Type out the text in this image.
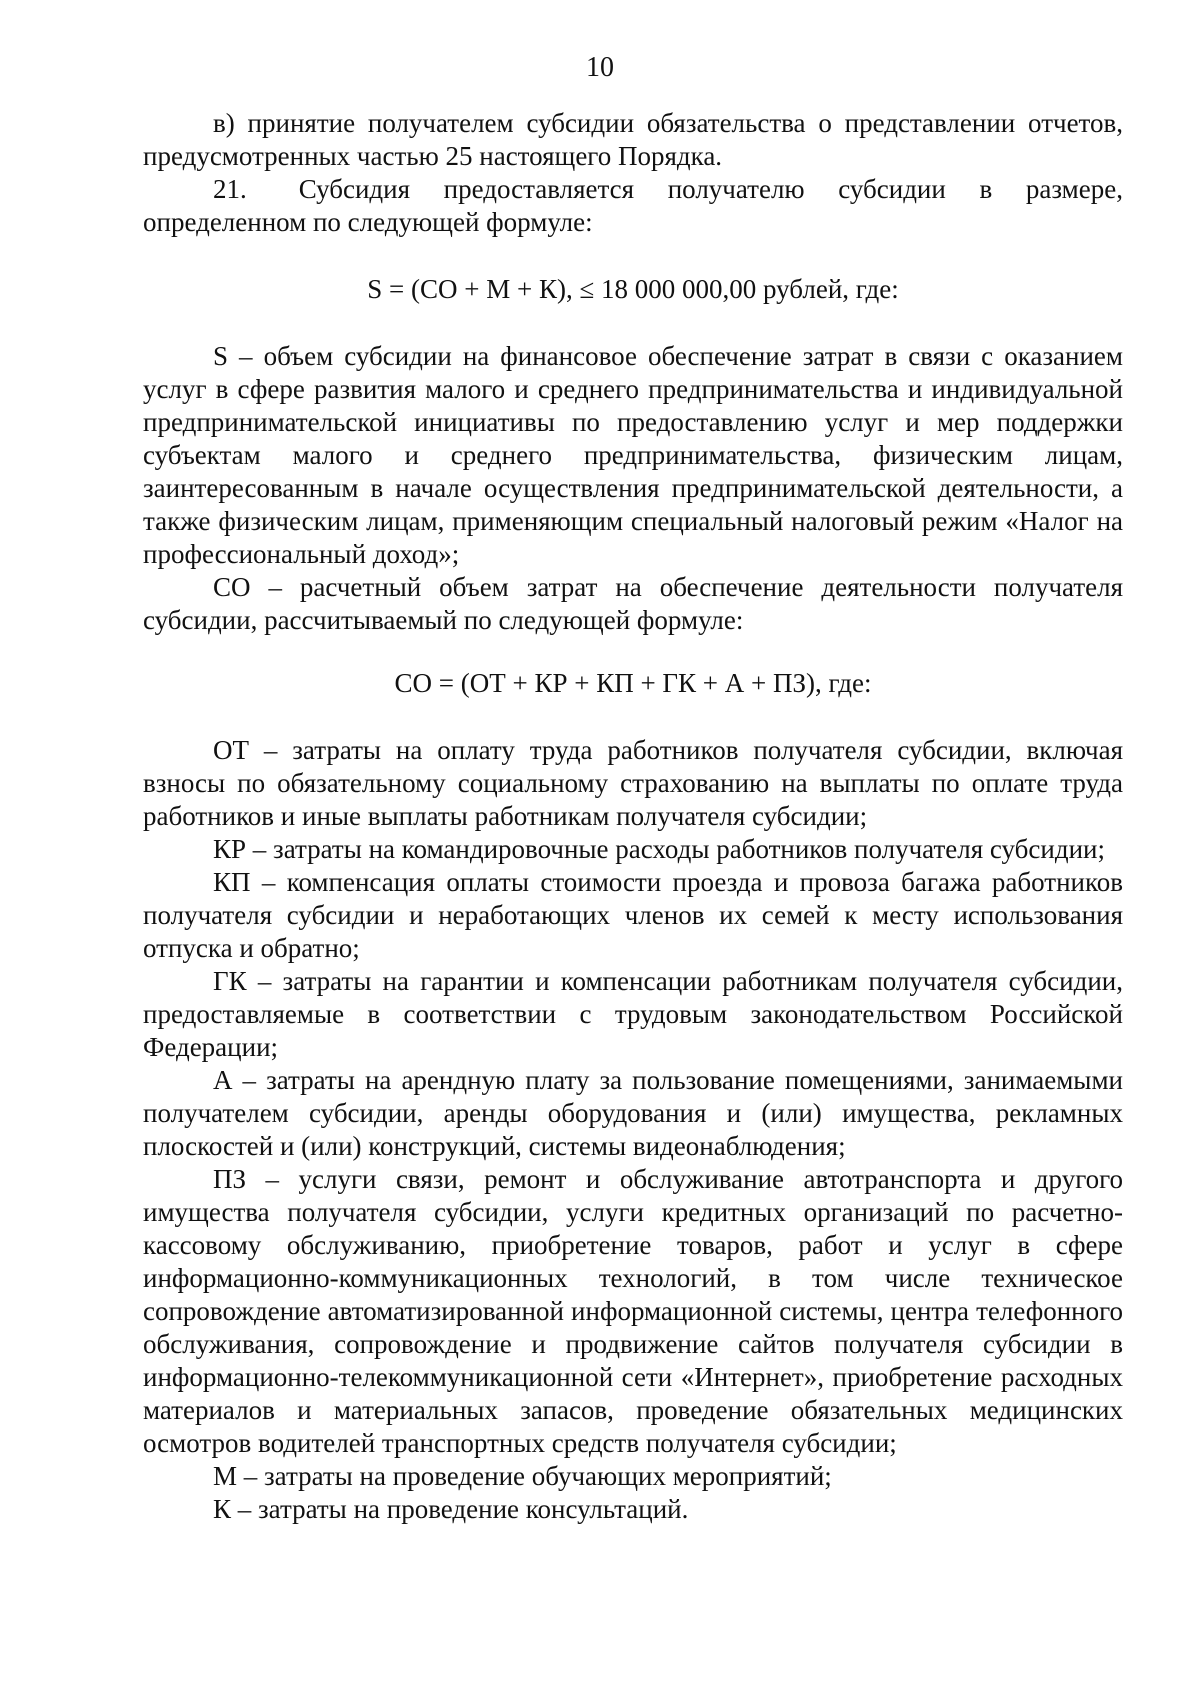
10

в) принятие получателем субсидии обязательства о представлении отчетов, предусмотренных частью 25 настоящего Порядка.

21. Субсидия предоставляется получателю субсидии в размере, определенном по следующей формуле:

S = (СО + М + К), ≤ 18 000 000,00 рублей, где:

S – объем субсидии на финансовое обеспечение затрат в связи с оказанием услуг в сфере развития малого и среднего предпринимательства и индивидуальной предпринимательской инициативы по предоставлению услуг и мер поддержки субъектам малого и среднего предпринимательства, физическим лицам, заинтересованным в начале осуществления предпринимательской деятельности, а также физическим лицам, применяющим специальный налоговый режим «Налог на профессиональный доход»;

СО – расчетный объем затрат на обеспечение деятельности получателя субсидии, рассчитываемый по следующей формуле:

СО = (ОТ + КР + КП + ГК + А + ПЗ), где:

ОТ – затраты на оплату труда работников получателя субсидии, включая взносы по обязательному социальному страхованию на выплаты по оплате труда работников и иные выплаты работникам получателя субсидии;

КР – затраты на командировочные расходы работников получателя субсидии;

КП – компенсация оплаты стоимости проезда и провоза багажа работников получателя субсидии и неработающих членов их семей к месту использования отпуска и обратно;

ГК – затраты на гарантии и компенсации работникам получателя субсидии, предоставляемые в соответствии с трудовым законодательством Российской Федерации;

А – затраты на арендную плату за пользование помещениями, занимаемыми получателем субсидии, аренды оборудования и (или) имущества, рекламных плоскостей и (или) конструкций, системы видеонаблюдения;

ПЗ – услуги связи, ремонт и обслуживание автотранспорта и другого имущества получателя субсидии, услуги кредитных организаций по расчетно-кассовому обслуживанию, приобретение товаров, работ и услуг в сфере информационно-коммуникационных технологий, в том числе техническое сопровождение автоматизированной информационной системы, центра телефонного обслуживания, сопровождение и продвижение сайтов получателя субсидии в информационно-телекоммуникационной сети «Интернет», приобретение расходных материалов и материальных запасов, проведение обязательных медицинских осмотров водителей транспортных средств получателя субсидии;

М – затраты на проведение обучающих мероприятий;

К – затраты на проведение консультаций.
